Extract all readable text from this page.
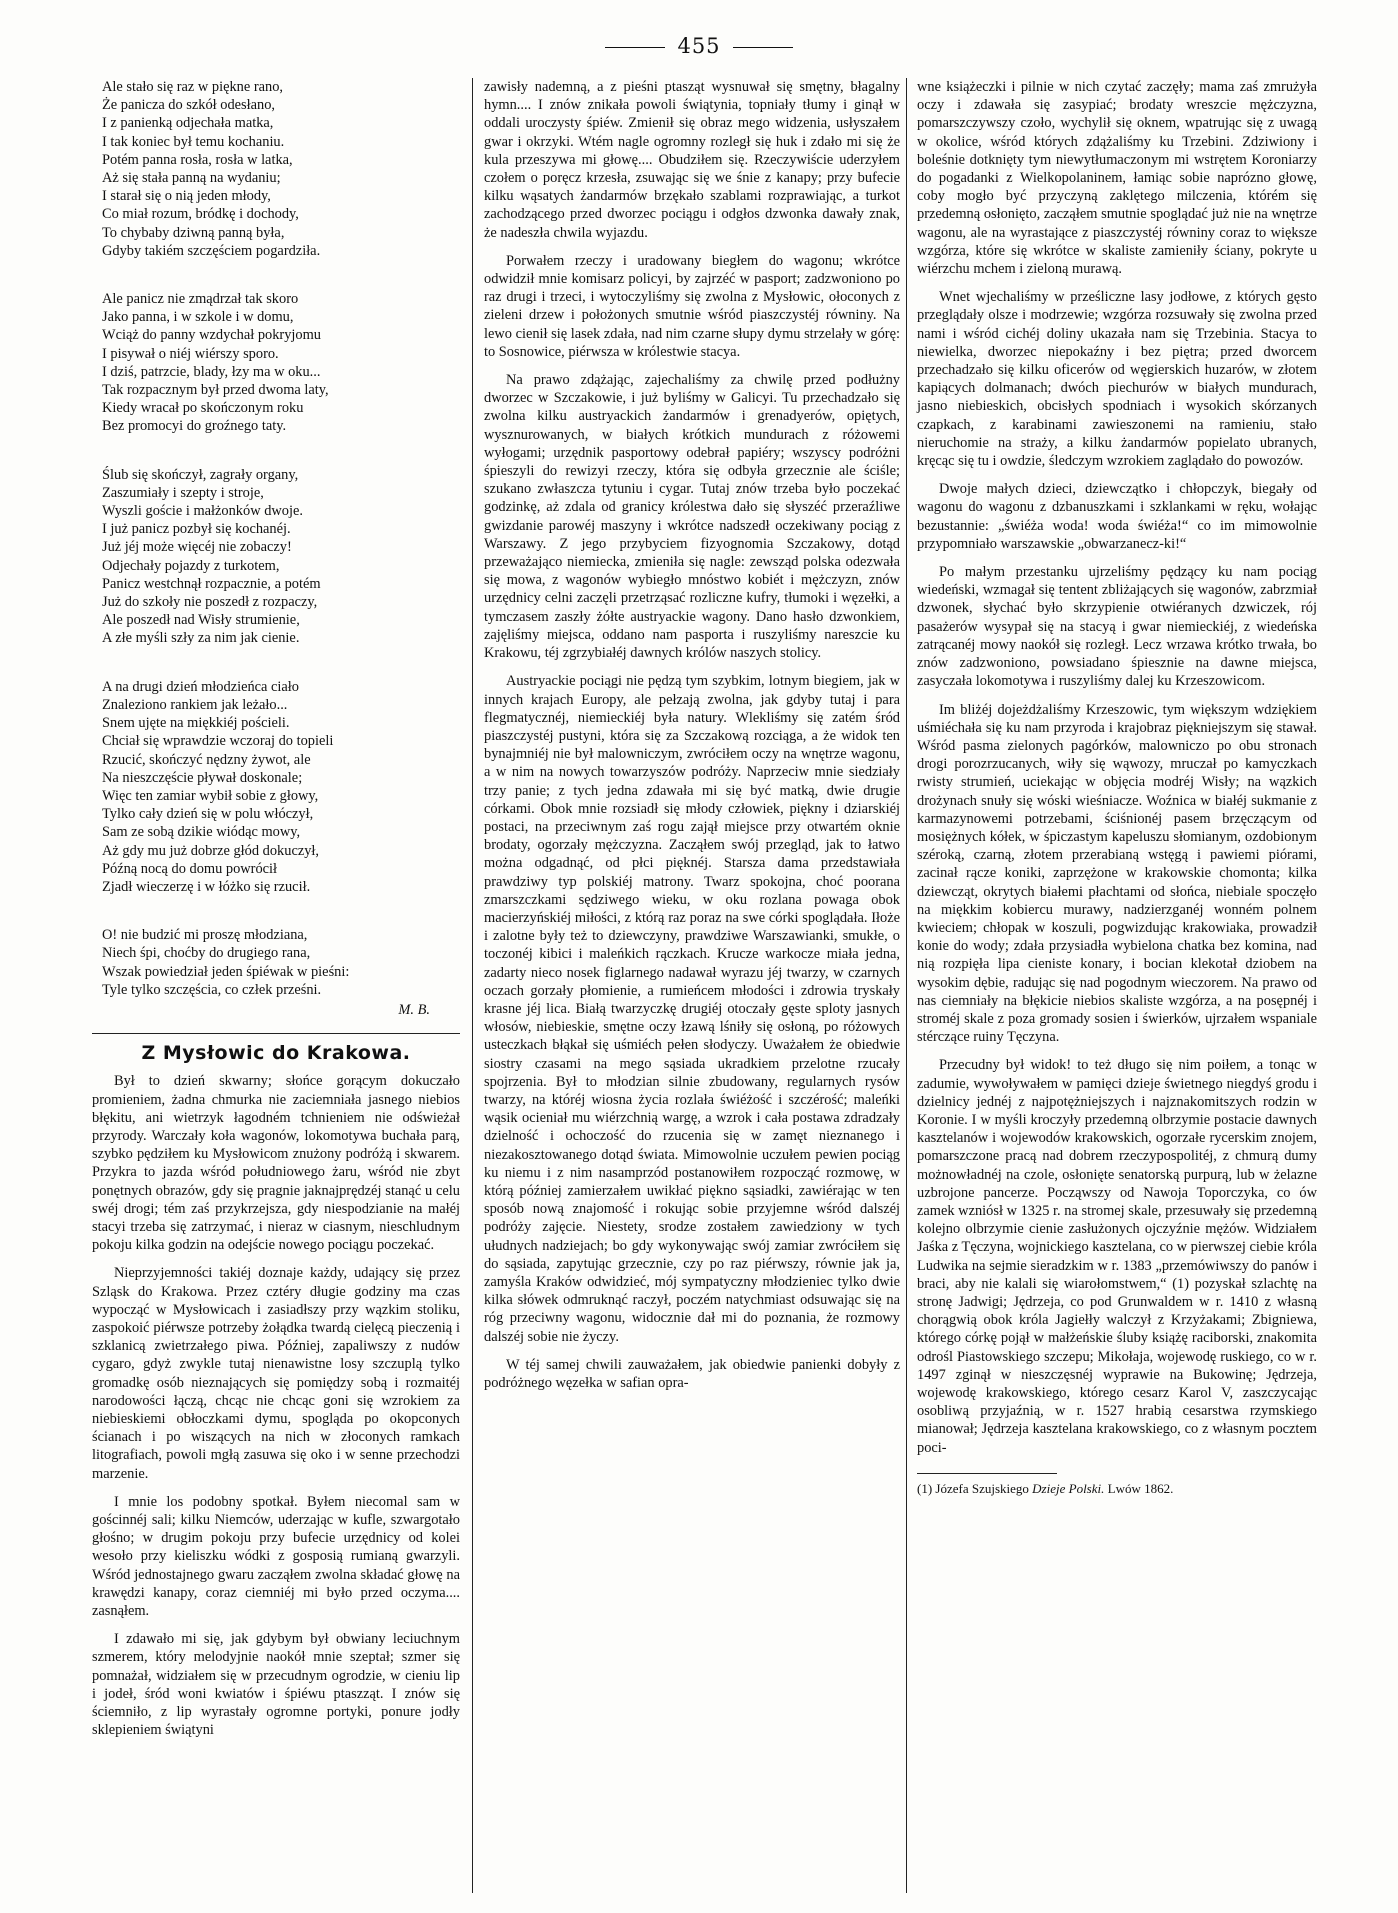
455
Ale stało się raz w piękne rano,
Że panicza do szkół odesłano,
I z panienką odjechała matka,
I tak koniec był temu kochaniu.
Potém panna rosła, rosła w latka,
Aż się stała panną na wydaniu;
I starał się o nią jeden młody,
Co miał rozum, bródkę i dochody,
To chybaby dziwną panną była,
Gdyby takiém szczęściem pogardziła.
Ale panicz nie zmądrzał tak skoro
Jako panna, i w szkole i w domu,
Wciąż do panny wzdychał pokryjomu
I pisywał o niéj wiérszy sporo.
I dziś, patrzcie, blady, łzy ma w oku...
Tak rozpacznym był przed dwoma laty,
Kiedy wracał po skończonym roku
Bez promocyi do groźnego taty.
Ślub się skończył, zagrały organy,
Zaszumiały i szepty i stroje,
Wyszli goście i małżonków dwoje.
I już panicz pozbył się kochanéj.
Już jéj może więcéj nie zobaczy!
Odjechały pojazdy z turkotem,
Panicz westchnął rozpacznie, a potém
Już do szkoły nie poszedł z rozpaczy,
Ale poszedł nad Wisły strumienie,
A złe myśli szły za nim jak cienie.
A na drugi dzień młodzieńca ciało
Znaleziono rankiem jak leżało...
Snem ujęte na miękkiéj pościeli.
Chciał się wprawdzie wczoraj do topieli
Rzucić, skończyć nędzny żywot, ale
Na nieszczęście pływał doskonale;
Więc ten zamiar wybił sobie z głowy,
Tylko cały dzień się w polu włóczył,
Sam ze sobą dzikie wiódąc mowy,
Aż gdy mu już dobrze głód dokuczył,
Późną nocą do domu powrócił
Zjadł wieczerzę i w łóżko się rzucił.
O! nie budzić mi proszę młodziana,
Niech śpi, choćby do drugiego rana,
Wszak powiedział jeden śpiéwak w pieśni:
Tyle tylko szczęścia, co człek prześni.
M. B.
Z Mysłowic do Krakowa.

Był to dzień skwarny; słońce gorącym dokuczało promieniem, żadna chmurka nie zaciemniała jasnego niebios błękitu, ani wietrzyk łagodném tchnieniem nie odświeżał przyrody. Warczały koła wagonów, lokomotywa buchała parą, szybko pędziłem ku Mysłowicom znużony podróżą i skwarem. Przykra to jazda wśród południowego żaru, wśród nie zbyt ponętnych obrazów, gdy się pragnie jaknajprędzéj stanąć u celu swéj drogi; tém zaś przykrzejsza, gdy niespodzianie na małéj stacyi trzeba się zatrzymać, i nieraz w ciasnym, nieschludnym pokoju kilka godzin na odejście nowego pociągu poczekać.

Nieprzyjemności takiéj doznaje każdy, udający się przez Szląsk do Krakowa. Przez cztéry długie godziny ma czas wypocząć w Mysłowicach i zasiadłszy przy wązkim stoliku, zaspokoić piérwsze potrzeby żołądka twardą cielęcą pieczenią i szklanicą zwietrzałego piwa. Później, zapaliwszy z nudów cygaro, gdyż zwykle tutaj nienawistne losy szczuplą tylko gromadkę osób nieznających się pomiędzy sobą i rozmaitéj narodowości łączą, chcąc nie chcąc goni się wzrokiem za niebieskiemi obłoczkami dymu, spogląda po okopconych ścianach i po wiszących na nich w złoconych ramkach litografiach, powoli mgłą zasuwa się oko i w senne przechodzi marzenie.

I mnie los podobny spotkał. Byłem niecomal sam w gościnnéj sali; kilku Niemców, uderzając w kufle, szwargotało głośno; w drugim pokoju przy bufecie urzędnicy od kolei wesoło przy kieliszku wódki z gosposią rumianą gwarzyli. Wśród jednostajnego gwaru zacząłem zwolna składać głowę na krawędzi kanapy, coraz ciemniéj mi było przed oczyma.... zasnąłem.

I zdawało mi się, jak gdybym był obwiany leciuchnym szmerem, który melodyjnie naokół mnie szeptał; szmer się pomnażał, widziałem się w przecudnym ogrodzie, w cieniu lip i jodeł, śród woni kwiatów i śpiéwu ptaszząt. I znów się ściemniło, z lip wyrastały ogromne portyki, ponure jodły sklepieniem świątyni

zawisły nademną, a z pieśni ptasząt wysnuwał się smętny, błagalny hymn.... I znów znikała powoli świątynia, topniały tłumy i ginął w oddali uroczysty śpiéw. Zmienił się obraz mego widzenia, usłyszałem gwar i okrzyki. Wtém nagle ogromny rozległ się huk i zdało mi się że kula przeszywa mi głowę.... Obudziłem się. Rzeczywiście uderzyłem czołem o poręcz krzesła, zsuwając się we śnie z kanapy; przy bufecie kilku wąsatych żandarmów brzękało szablami rozprawiając, a turkot zachodzącego przed dworzec pociągu i odgłos dzwonka dawały znak, że nadeszła chwila wyjazdu.

Porwałem rzeczy i uradowany biegłem do wagonu; wkrótce odwidził mnie komisarz policyi, by zajrzéć w pasport; zadzwoniono po raz drugi i trzeci, i wytoczyliśmy się zwolna z Mysłowic, ołoconych z zieleni drzew i położonych smutnie wśród piaszczystéj równiny. Na lewo cienił się lasek zdała, nad nim czarne słupy dymu strzelały w górę: to Sosnowice, piérwsza w królestwie stacya.

Na prawo zdążając, zajechaliśmy za chwilę przed podłużny dworzec w Szczakowie, i już byliśmy w Galicyi. Tu przechadzało się zwolna kilku austryackich żandarmów i grenadyerów, opiętych, wysznurowanych, w białych krótkich mundurach z różowemi wyłogami; urzędnik pasportowy odebrał papiéry; wszyscy podróżni śpieszyli do rewizyi rzeczy, która się odbyła grzecznie ale ściśle; szukano zwłaszcza tytuniu i cygar. Tutaj znów trzeba było poczekać godzinkę, aż zdala od granicy królestwa dało się słyszéć przeraźliwe gwizdanie parowéj maszyny i wkrótce nadszedł oczekiwany pociąg z Warszawy. Z jego przybyciem fizyognomia Szczakowy, dotąd przeważająco niemiecka, zmieniła się nagle: zewsząd polska odezwała się mowa, z wagonów wybiegło mnóstwo kobiét i mężczyzn, znów urzędnicy celni zaczęli przetrząsać rozliczne kufry, tłumoki i węzełki, a tymczasem zaszły żółte austryackie wagony. Dano hasło dzwonkiem, zajęliśmy miejsca, oddano nam pasporta i ruszyliśmy nareszcie ku Krakowu, téj zgrzybiałéj dawnych królów naszych stolicy.

Austryackie pociągi nie pędzą tym szybkim, lotnym biegiem, jak w innych krajach Europy, ale pełzają zwolna, jak gdyby tutaj i para flegmatycznéj, niemieckiéj była natury. Wlekliśmy się zatém śród piaszczystéj pustyni, która się za Szczakową rozciąga, a że widok ten bynajmniéj nie był malowniczym, zwróciłem oczy na wnętrze wagonu, a w nim na nowych towarzyszów podróży. Naprzeciw mnie siedziały trzy panie; z tych jedna zdawała mi się być matką, dwie drugie córkami. Obok mnie rozsiadł się młody człowiek, piękny i dziarskiéj postaci, na przeciwnym zaś rogu zajął miejsce przy otwartém oknie brodaty, ogorzały mężczyzna. Zacząłem swój przegląd, jak to łatwo można odgadnąć, od płci pięknéj. Starsza dama przedstawiała prawdziwy typ polskiéj matrony. Twarz spokojna, choć poorana zmarszczkami sędziwego wieku, w oku rozlana powaga obok macierzyńskiéj miłości, z którą raz poraz na swe córki spoglądała. Iłoże i zalotne były też to dziewczyny, prawdziwe Warszawianki, smukłe, o toczonéj kibici i maleńkich rączkach. Krucze warkocze miała jedna, zadarty nieco nosek figlarnego nadawał wyrazu jéj twarzy, w czarnych oczach gorzały płomienie, a rumieńcem młodości i zdrowia tryskały krasne jéj lica. Białą twarzyczkę drugiéj otoczały gęste sploty jasnych włosów, niebieskie, smętne oczy łzawą lśniły się osłoną, po różowych usteczkach błąkał się uśmiéch pełen słodyczy. Uważałem że obiedwie siostry czasami na mego sąsiada ukradkiem przelotne rzucały spojrzenia. Był to młodzian silnie zbudowany, regularnych rysów twarzy, na któréj wiosna życia rozlała świéżość i szczérość; maleńki wąsik ocieniał mu wiérzchnią wargę, a wzrok i cała postawa zdradzały dzielność i ochoczość do rzucenia się w zamęt nieznanego i niezakosztowanego dotąd świata. Mimowolnie uczułem pewien pociąg ku niemu i z nim nasamprzód postanowiłem rozpocząć rozmowę, w którą później zamierzałem uwikłać piękno sąsiadki, zawiérając w ten sposób nową znajomość i rokując sobie przyjemne wśród dalszéj podróży zajęcie. Niestety, srodze zostałem zawiedziony w tych ułudnych nadziejach; bo gdy wykonywając swój zamiar zwróciłem się do sąsiada, zapytując grzecznie, czy po raz piérwszy, równie jak ja, zamyśla Kraków odwidzieć, mój sympatyczny młodzieniec tylko dwie kilka słówek odmruknąć raczył, poczém natychmiast odsuwając się na róg przeciwny wagonu, widocznie dał mi do poznania, że rozmowy dalszéj sobie nie życzy.

W téj samej chwili zauważałem, jak obiedwie panienki dobyły z podróżnego węzełka w safian opra-

wne książeczki i pilnie w nich czytać zaczęły; mama zaś zmrużyła oczy i zdawała się zasypiać; brodaty wreszcie mężczyzna, pomarszczywszy czoło, wychylił się oknem, wpatrując się z uwagą w okolice, wśród których zdążaliśmy ku Trzebini. Zdziwiony i boleśnie dotknięty tym niewytłumaczonym mi wstrętem Koroniarzy do pogadanki z Wielkopolaninem, łamiąc sobie naprózno głowę, coby mogło być przyczyną zaklętego milczenia, którém się przedemną osłonięto, zacząłem smutnie spoglądać już nie na wnętrze wagonu, ale na wyrastające z piaszczystéj równiny coraz to większe wzgórza, które się wkrótce w skaliste zamieniły ściany, pokryte u wiérzchu mchem i zieloną murawą.

Wnet wjechaliśmy w prześliczne lasy jodłowe, z których gęsto przeglądały olsze i modrzewie; wzgórza rozsuwały się zwolna przed nami i wśród cichéj doliny ukazała nam się Trzebinia. Stacya to niewielka, dworzec niepokaźny i bez piętra; przed dworcem przechadzało się kilku oficerów od węgierskich huzarów, w złotem kapiących dolmanach; dwóch piechurów w białych mundurach, jasno niebieskich, obcisłych spodniach i wysokich skórzanych czapkach, z karabinami zawieszonemi na ramieniu, stało nieruchomie na straży, a kilku żandarmów popielato ubranych, kręcąc się tu i owdzie, śledczym wzrokiem zaglądało do powozów.

Dwoje małych dzieci, dziewczątko i chłopczyk, biegały od wagonu do wagonu z dzbanuszkami i szklankami w ręku, wołając bezustannie: „świéża woda! woda świéża!“ co im mimowolnie przypomniało warszawskie „obwarzanecz-ki!“

Po małym przestanku ujrzeliśmy pędzący ku nam pociąg wiedeński, wzmagał się tentent zbliżających się wagonów, zabrzmiał dzwonek, słychać było skrzypienie otwiéranych dzwiczek, rój pasażerów wysypał się na stacyą i gwar niemieckiéj, z wiedeńska zatrącanéj mowy naokół się rozległ. Lecz wrzawa krótko trwała, bo znów zadzwoniono, powsiadano śpiesznie na dawne miejsca, zasyczała lokomotywa i ruszyliśmy dalej ku Krzeszowicom.

Im bliżéj dojeżdżaliśmy Krzeszowic, tym większym wdziękiem uśmiéchała się ku nam przyroda i krajobraz piękniejszym się stawał. Wśród pasma zielonych pagórków, malowniczo po obu stronach drogi porozrzucanych, wiły się wąwozy, mruczał po kamyczkach rwisty strumień, uciekając w objęcia modréj Wisły; na wązkich drożynach snuły się wóski wieśniacze. Woźnica w białéj sukmanie z karmazynowemi potrzebami, ściśnionéj pasem brzęczącym od mosiężnych kółek, w śpiczastym kapeluszu słomianym, ozdobionym széroką, czarną, złotem przerabianą wstęgą i pawiemi piórami, zacinał rącze koniki, zaprzężone w krakowskie chomonta; kilka dziewcząt, okrytych białemi płachtami od słońca, niebiale spoczęło na miękkim kobiercu murawy, nadzierzganéj wonném polnem kwieciem; chłopak w koszuli, pogwizdując krakowiaka, prowadził konie do wody; zdała przysiadła wybielona chatka bez komina, nad nią rozpięła lipa cieniste konary, i bocian klekotał dziobem na wysokim dębie, radując się nad pogodnym wieczorem. Na prawo od nas ciemniały na błękicie niebios skaliste wzgórza, a na posępnéj i stroméj skale z poza gromady sosien i świerków, ujrzałem wspaniale stérczące ruiny Tęczyna.

Przecudny był widok! to też długo się nim poiłem, a tonąc w zadumie, wywoływałem w pamięci dzieje świetnego niegdyś grodu i dzielnicy jednéj z najpotężniejszych i najznakomitszych rodzin w Koronie. I w myśli kroczyły przedemną olbrzymie postacie dawnych kasztelanów i wojewodów krakowskich, ogorzałe rycerskim znojem, pomarszczone pracą nad dobrem rzeczypospolitéj, z chmurą dumy możnowładnéj na czole, osłonięte senatorską purpurą, lub w żelazne uzbrojone pancerze. Począwszy od Nawoja Toporczyka, co ów zamek wzniósł w 1325 r. na stromej skale, przesuwały się przedemną kolejno olbrzymie cienie zasłużonych ojczyźnie mężów. Widziałem Jaśka z Tęczyna, wojnickiego kasztelana, co w pierwszej ciebie króla Ludwika na sejmie sieradzkim w r. 1383 „przemówiwszy do panów i braci, aby nie kalali się wiarołomstwem,“ (1) pozyskał szlachtę na stronę Jadwigi; Jędrzeja, co pod Grunwaldem w r. 1410 z własną chorągwią obok króla Jagiełły walczył z Krzyżakami; Zbigniewa, którego córkę pojął w małżeńskie śluby książę raciborski, znakomita odrośl Piastowskiego szczepu; Mikołaja, wojewodę ruskiego, co w r. 1497 zginął w nieszczęsnéj wyprawie na Bukowinę; Jędrzeja, wojewodę krakowskiego, którego cesarz Karol V, zaszczycając osobliwą przyjaźnią, w r. 1527 hrabią cesarstwa rzymskiego mianował; Jędrzeja kasztelana krakowskiego, co z własnym pocztem poci-

(1) Józefa Szujskiego Dzieje Polski. Lwów 1862.
